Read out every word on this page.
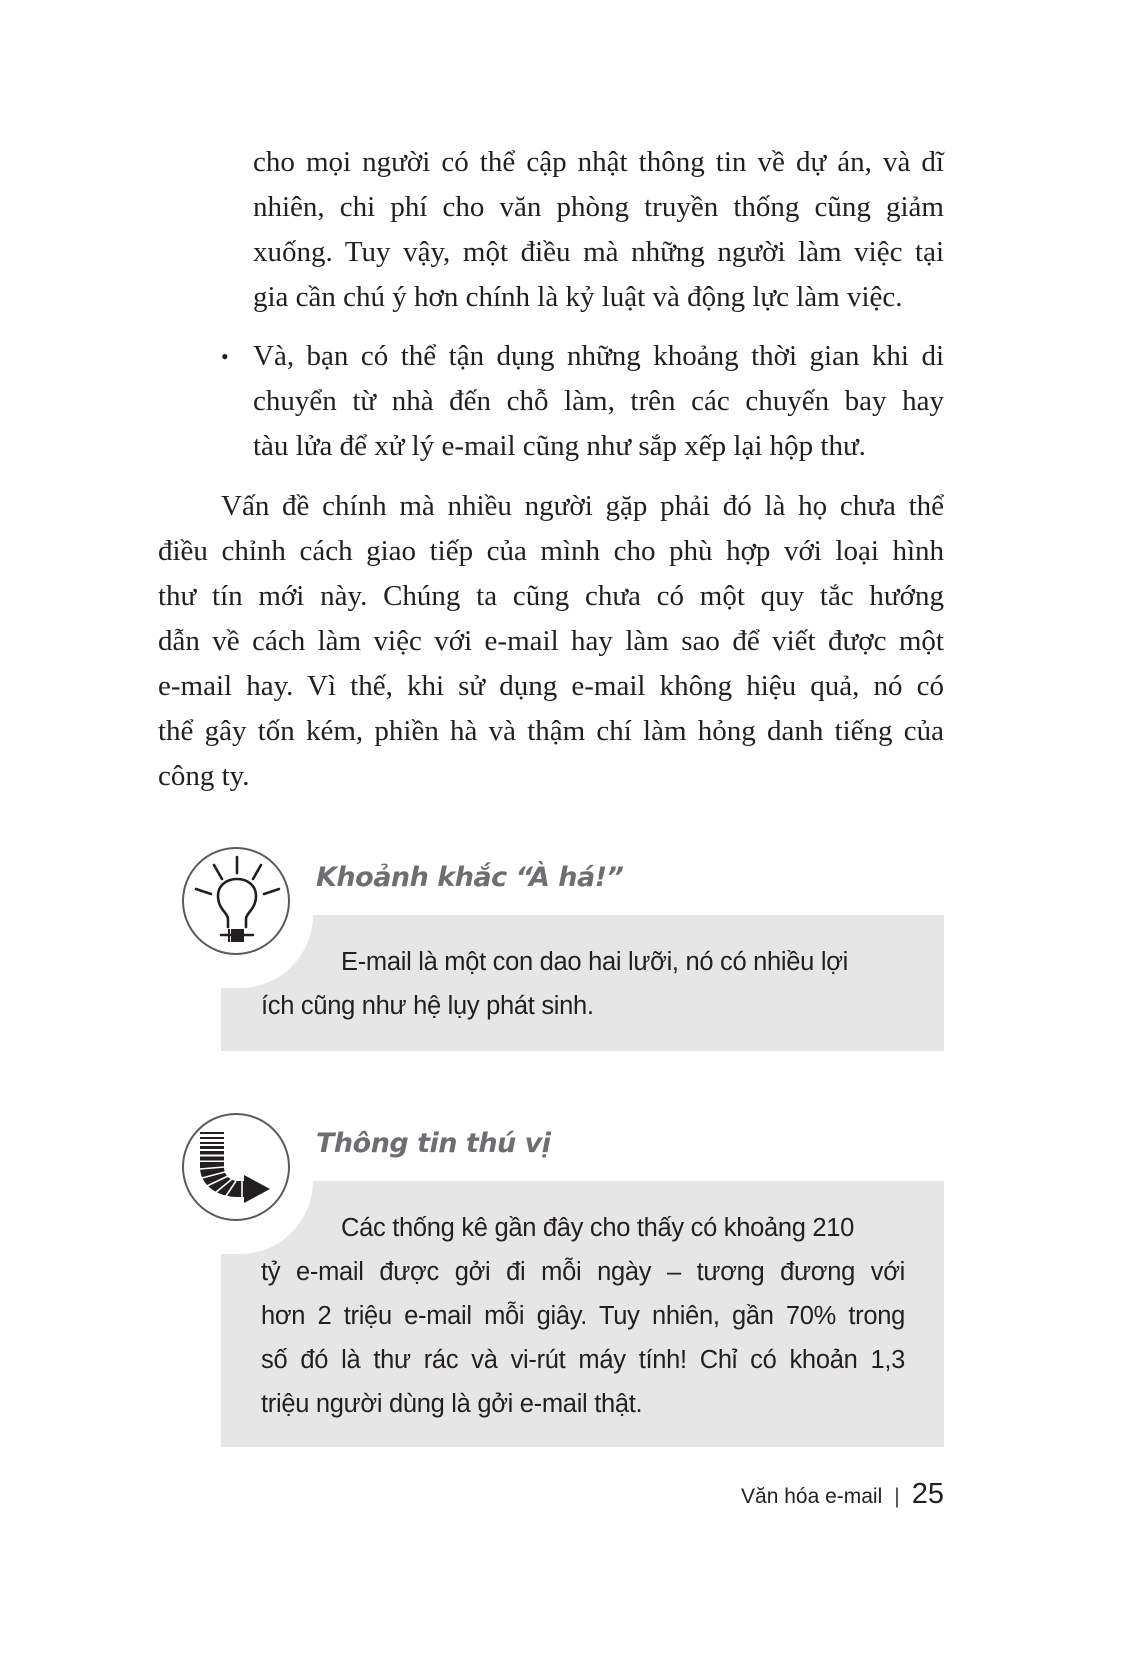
cho mọi người có thể cập nhật thông tin về dự án, và dĩ
nhiên, chi phí cho văn phòng truyền thống cũng giảm
xuống. Tuy vậy, một điều mà những người làm việc tại
gia cần chú ý hơn chính là kỷ luật và động lực làm việc.
• Và, bạn có thể tận dụng những khoảng thời gian khi di
chuyển từ nhà đến chỗ làm, trên các chuyến bay hay
tàu lửa để xử lý e-mail cũng như sắp xếp lại hộp thư.
Vấn đề chính mà nhiều người gặp phải đó là họ chưa thể
điều chỉnh cách giao tiếp của mình cho phù hợp với loại hình
thư tín mới này. Chúng ta cũng chưa có một quy tắc hướng
dẫn về cách làm việc với e-mail hay làm sao để viết được một
e-mail hay. Vì thế, khi sử dụng e-mail không hiệu quả, nó có
thể gây tốn kém, phiền hà và thậm chí làm hỏng danh tiếng của
công ty.
Khoảnh khắc “À há!”
E-mail là một con dao hai lưỡi, nó có nhiều lợi
ích cũng như hệ lụy phát sinh.
Thông tin thú vị
Các thống kê gần đây cho thấy có khoảng 210
tỷ e-mail được gởi đi mỗi ngày – tương đương với
hơn 2 triệu e-mail mỗi giây. Tuy nhiên, gần 70% trong
số đó là thư rác và vi-rút máy tính! Chỉ có khoản 1,3
triệu người dùng là gởi e-mail thật.
Văn hóa e-mail | 25
